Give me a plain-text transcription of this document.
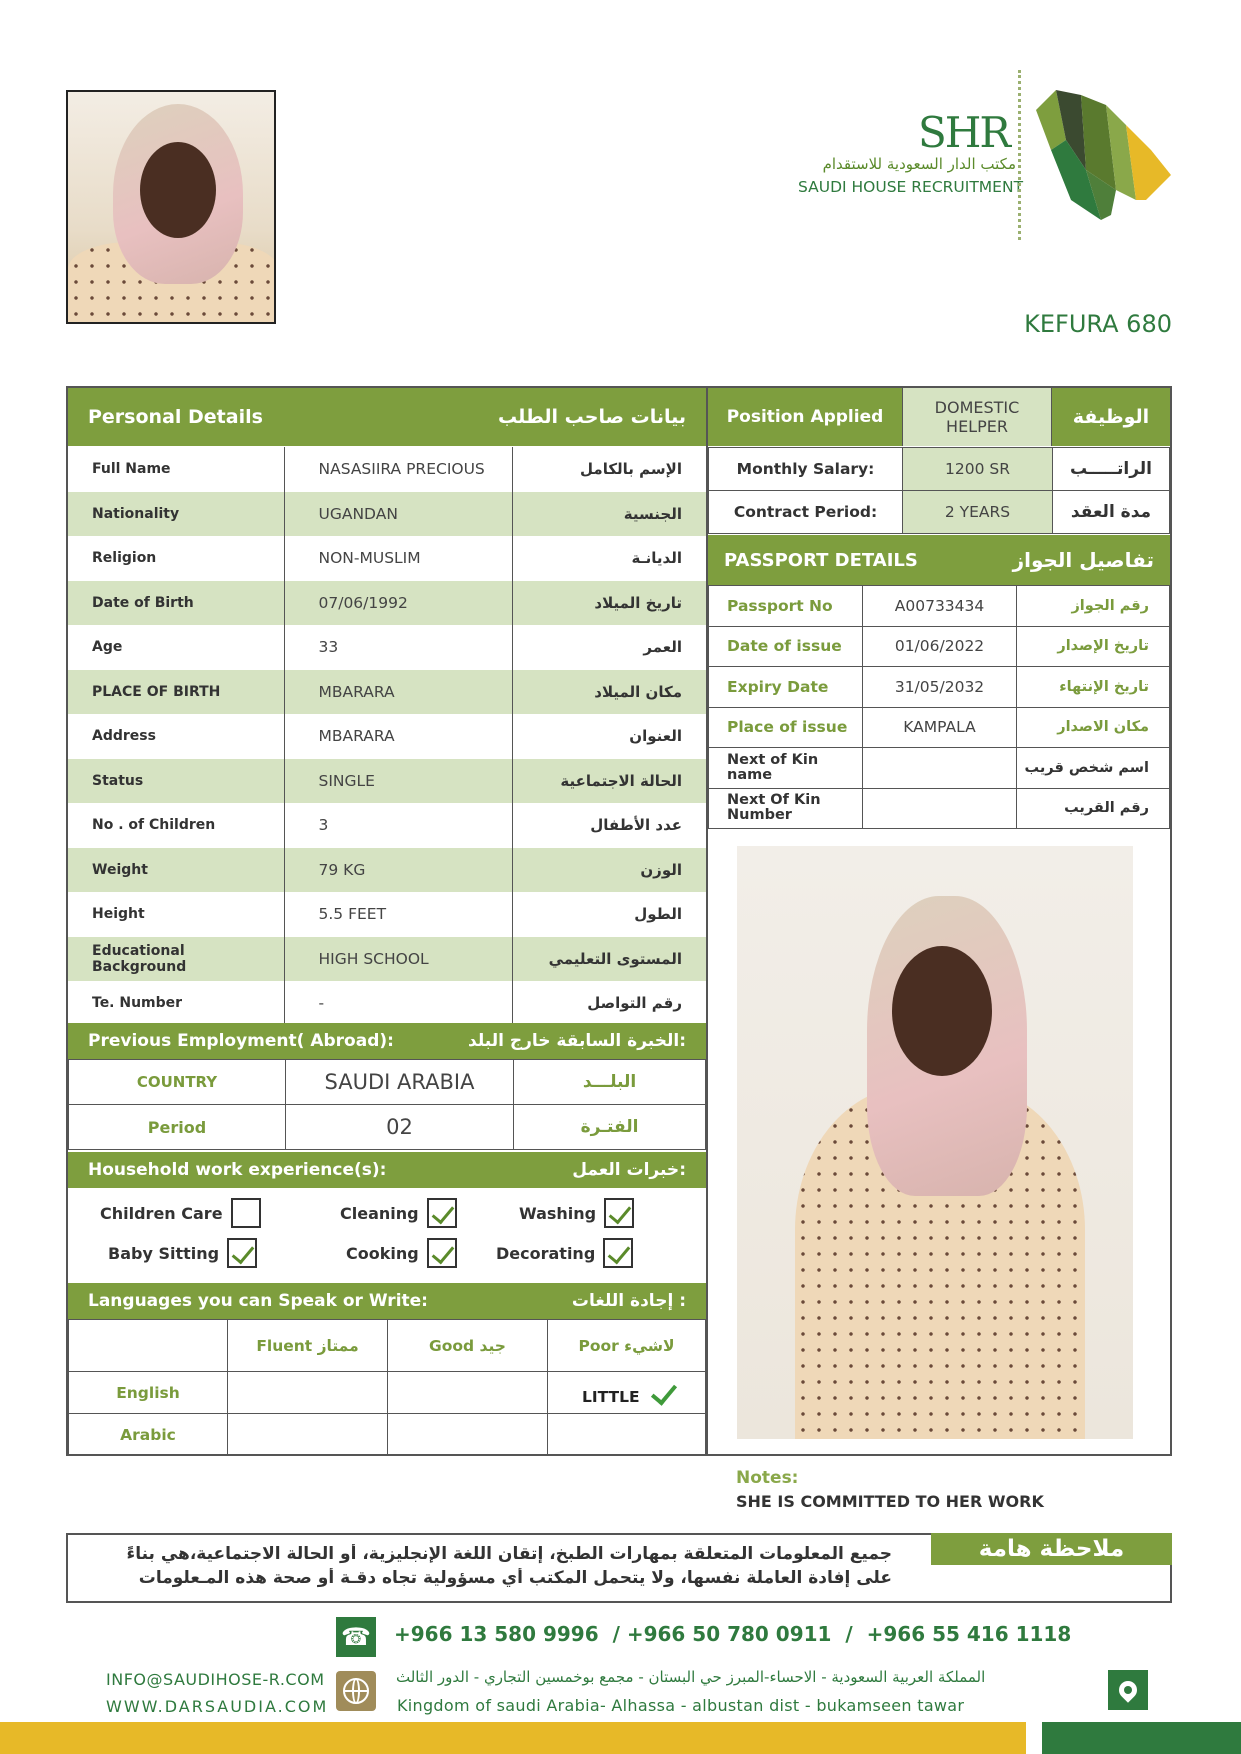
SHR
مكتب الدار السعودية للاستقدام
SAUDI HOUSE RECRUITMENT
KEFURA 680
Personal Details	بيانات صاحب الطلب
Full Name	NASASIIRA PRECIOUS	الإسم بالكامل
Nationality	UGANDAN	الجنسية
Religion	NON-MUSLIM	الديانـة
Date of Birth	07/06/1992	تاريخ الميلاد
Age	33	العمر
PLACE OF BIRTH	MBARARA	مكان الميلاد
Address	MBARARA	العنوان
Status	SINGLE	الحالة الاجتماعية
No . of Children	3	عدد الأطفال
Weight	79 KG	الوزن
Height	5.5 FEET	الطول
Educational Background	HIGH SCHOOL	المستوى التعليمي
Te. Number	-	رقم التواصل
Previous Employment( Abroad):	الخبرة السابقة خارج البلد:
COUNTRY	SAUDI ARABIA	البلـــد
Period	02	الفتـرة
Household work experience(s):	خبرات العمل:
Children Care	Cleaning	Washing
Baby Sitting	Cooking	Decorating
Languages you can Speak or Write:	إجادة اللغات :
	Fluent ممتاز	Good جيد	Poor لاشيء
English			LITTLE
Arabic			
Position Applied	DOMESTIC HELPER	الوظيفة
Monthly Salary:	1200 SR	الراتـــــب
Contract Period:	2 YEARS	مدة العقد
PASSPORT DETAILS	تفاصيل الجواز
Passport No	A00733434	رقم الجواز
Date of issue	01/06/2022	تاريخ الإصدار
Expiry Date	31/05/2032	تاريخ الإنتهاء
Place of issue	KAMPALA	مكان الاصدار
Next of Kin name		اسم شخص قريب
Next Of Kin Number		رقم القريب
Notes:
SHE IS COMMITTED TO HER WORK
ملاحظة هامة
جميع المعلومات المتعلقة بمهارات الطبخ، إتقان اللغة الإنجليزية، أو الحالة الاجتماعية،هي بناءً
على إفادة العاملة نفسها، ولا يتحمل المكتب أي مسؤولية تجاه دقـة أو صحة هذه المـعلومات
☎ +966 13 580 9996  / +966 50 780 0911  /  +966 55 416 1118
INFO@SAUDIHOSE-R.COM
WWW.DARSAUDIA.COM
المملكة العربية السعودية - الاحساء-المبرز حي البستان - مجمع بوخمسين التجاري - الدور الثالث
Kingdom of saudi Arabia- Alhassa - albustan dist - bukamseen tawar
